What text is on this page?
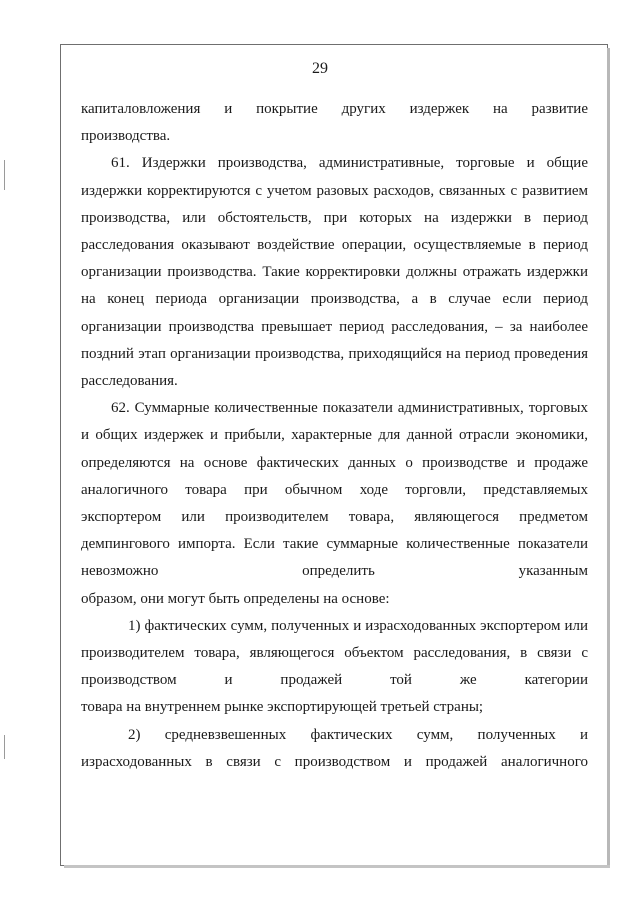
29

капиталовложения и покрытие других издержек на развитие

производства.

61. Издержки производства, административные, торговые и общие издержки корректируются с учетом разовых расходов, связанных с развитием производства, или обстоятельств, при которых на издержки в период расследования оказывают воздействие операции, осуществляемые в период организации производства. Такие корректировки должны отражать издержки на конец периода организации производства, а в случае если период организации производства превышает период расследования, – за наиболее поздний этап организации производства, приходящийся на период проведения

расследования.

62. Суммарные количественные показатели административных, торговых и общих издержек и прибыли, характерные для данной отрасли экономики, определяются на основе фактических данных о производстве и продаже аналогичного товара при обычном ходе торговли, представляемых экспортером или производителем товара, являющегося предметом демпингового импорта. Если такие суммарные количественные показатели невозможно определить указанным

образом, они могут быть определены на основе:

1) фактических сумм, полученных и израсходованных экспортером или производителем товара, являющегося объектом расследования, в связи с производством и продажей той же категории

товара на внутреннем рынке экспортирующей третьей страны;

2) средневзвешенных фактических сумм, полученных и израсходованных в связи с производством и продажей аналогичного
